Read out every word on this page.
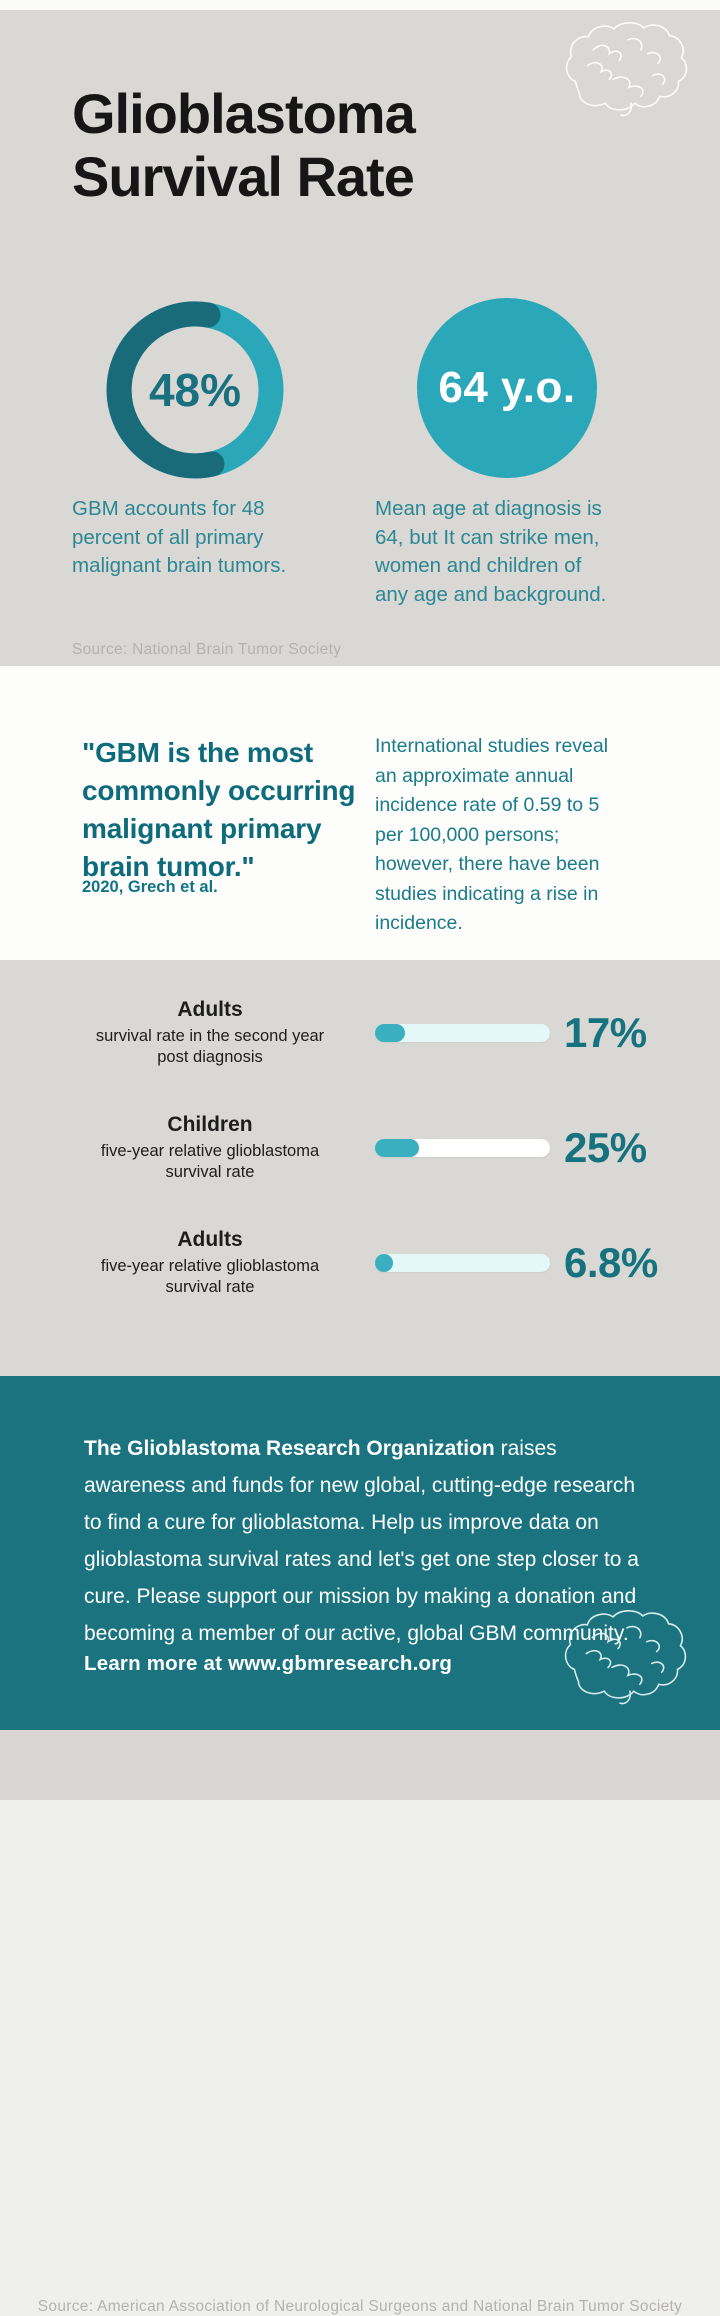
Glioblastoma
Survival Rate
48%	64 y.o.
GBM accounts for 48
percent of all primary
malignant brain tumors.
Mean age at diagnosis is
64, but It can strike men,
women and children of
any age and background.
Source: National Brain Tumor Society
"GBM is the most
commonly occurring
malignant primary
brain tumor."
2020, Grech et al.
International studies reveal
an approximate annual
incidence rate of 0.59 to 5
per 100,000 persons;
however, there have been
studies indicating a rise in
incidence.
Adults
survival rate in the second year post diagnosis
17%
Children
five-year relative glioblastoma survival rate
25%
Adults
five-year relative glioblastoma survival rate
6.8%
Source: American Association of Neurological Surgeons and National Brain Tumor Society
The Glioblastoma Research Organization raises awareness and funds for new global, cutting-edge research to find a cure for glioblastoma. Help us improve data on glioblastoma survival rates and let's get one step closer to a cure. Please support our mission by making a donation and becoming a member of our active, global GBM community.
Learn more at www.gbmresearch.org
